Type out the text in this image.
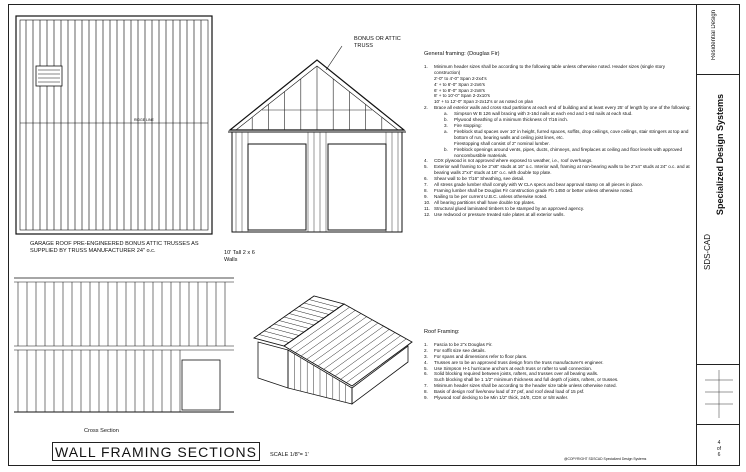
RIDGE LINE
GARAGE ROOF PRE-ENGINEERED BONUS ATTIC TRUSSES AS SUPPLIED BY TRUSS MANUFACTURER 24" o.c.
BONUS OR ATTIC TRUSS
10' Tall 2 x 6 Walls
Cross Section

General framing: (Douglas Fir)

1.	Minimum header sizes shall be according to the following table unless otherwise noted. Header sizes (single story construction)
2'-0" to 4'-0" Span 2-2x4's
4' + to 6'-0" Span 2-2x6's
6' + to 8'-0" Span 2-2x8's
8' + to 10'-0" Span 2-2x10's
10' + to 12'-0" Span 2-2x12's or as noted on plan
2.	Brace all exterior walls and cross stud partitions at each end of building and at least every 25' of length by one of the following:
a.	Simpson W B 126 wall bracing with 3-16d nails at each end and 1-8d nails at each stud.
b.	Plywood sheathing of a minimum thickness of 7/16 inch.
3.	Fire stopping:
a.	Fireblock stud spaces over 10' in height, furred spaces, soffits, drop ceilings, cove ceilings, stair stringers at top and bottom of run, bearing walls and ceiling joist lines, etc.
Firestopping shall consist of 2" nominal lumber.
b.	Fireblock openings around vents, pipes, ducts, chimneys, and fireplaces at ceiling and floor levels with approved noncombustible materials.
4.	CDX plywood is not approved where exposed to weather, i.e., roof overhangs.
5.	Exterior wall framing to be 2"x6" studs at 16" o.c. Interior wall, framing at non-bearing walls to be 2"x4" studs at 24" o.c. and at bearing walls 2"x4" studs at 16" o.c. with double top plate.
6.	Shear wall to be 7/16" Sheathing, see detail.
7.	All stress grade lumber shall comply with W CLA specs and bear approval stamp on all pieces in place.
8.	Framing lumber shall be Douglas Fir construction grade Fb 1450 or better unless otherwise noted.
9.	Nailing to be per current U.B.C. unless otherwise noted.
10. All bearing partitions shall have double top plates.
11. Structural glued laminated timbers to be stamped by an approved agency.
12. Use redwood or pressure treated sole plates at all exterior walls.

Roof Framing:

1.	Fascia to be 2"x Douglas Fir.
2.	For soffit size see details.
3.	For spans and dimensions refer to floor plans.
4.	Trusses are to be an approved truss design from the truss manufacturer's engineer.
5.	Use Simpson H-1 hurricane anchors at each truss or rafter to wall connection.
6.	Solid blocking required between joists, rafters, and trusses over all bearing walls.
Such blocking shall be 1 1/2" minimum thickness and full depth of joists, rafters, or trusses.
7.	Minimum header sizes shall be according to the header size table unless otherwise noted.
8.	Basis of design roof live/snow load of 37 psf, and roof dead load of 15 psf.
9.	Plywood roof decking to be Min 1/2" thick, 24/0, CDX or 5/8 wafer.
WALL FRAMING SECTIONS	SCALE 1/8"= 1'
@COPYRIGHT SDSCAD Specialized Design Systems
Residential Design
SDS-CAD
Specialized Design Systems
4 of 6
